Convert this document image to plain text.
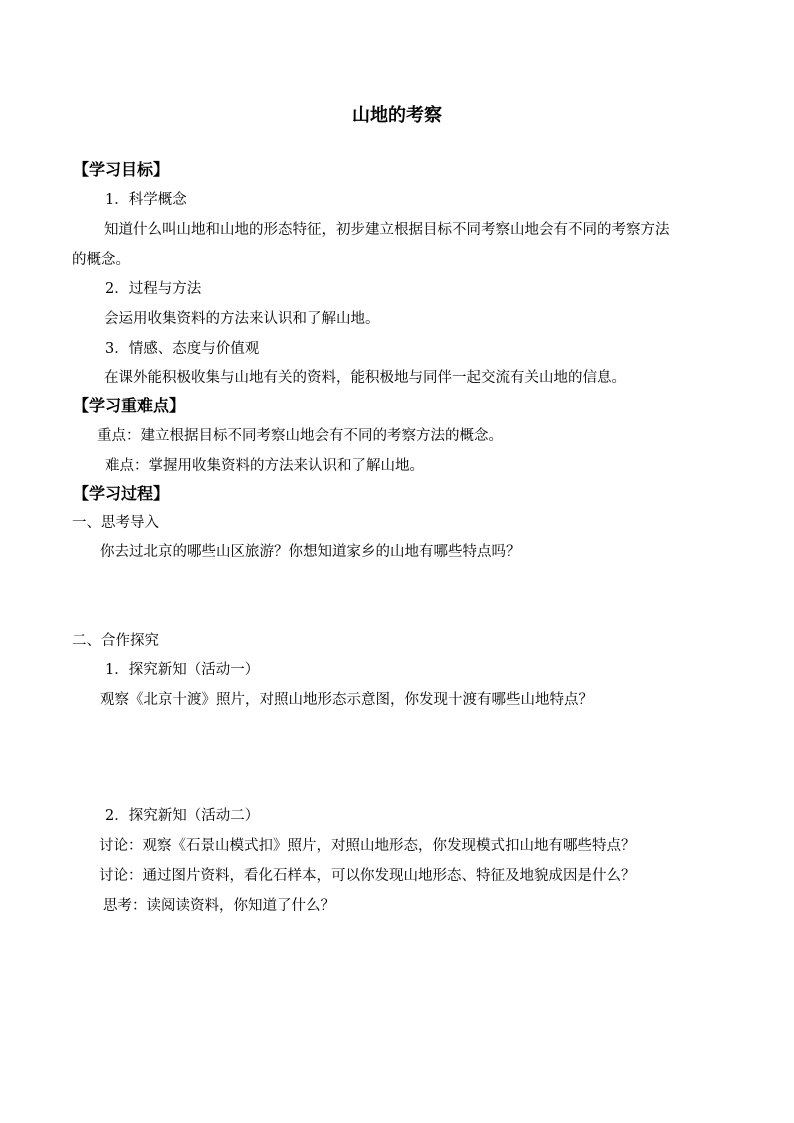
山地的考察
【学习目标】
1．科学概念
知道什么叫山地和山地的形态特征，初步建立根据目标不同考察山地会有不同的考察方法
的概念。
2．过程与方法
会运用收集资料的方法来认识和了解山地。
3．情感、态度与价值观
在课外能积极收集与山地有关的资料，能积极地与同伴一起交流有关山地的信息。
【学习重难点】
重点：建立根据目标不同考察山地会有不同的考察方法的概念。
难点：掌握用收集资料的方法来认识和了解山地。
【学习过程】
一、思考导入
你去过北京的哪些山区旅游？你想知道家乡的山地有哪些特点吗？
二、合作探究
1．探究新知（活动一）
观察《北京十渡》照片，对照山地形态示意图，你发现十渡有哪些山地特点？
2．探究新知（活动二）
讨论：观察《石景山模式扣》照片，对照山地形态，你发现模式扣山地有哪些特点？
讨论：通过图片资料，看化石样本，可以你发现山地形态、特征及地貌成因是什么？
思考：读阅读资料，你知道了什么？
